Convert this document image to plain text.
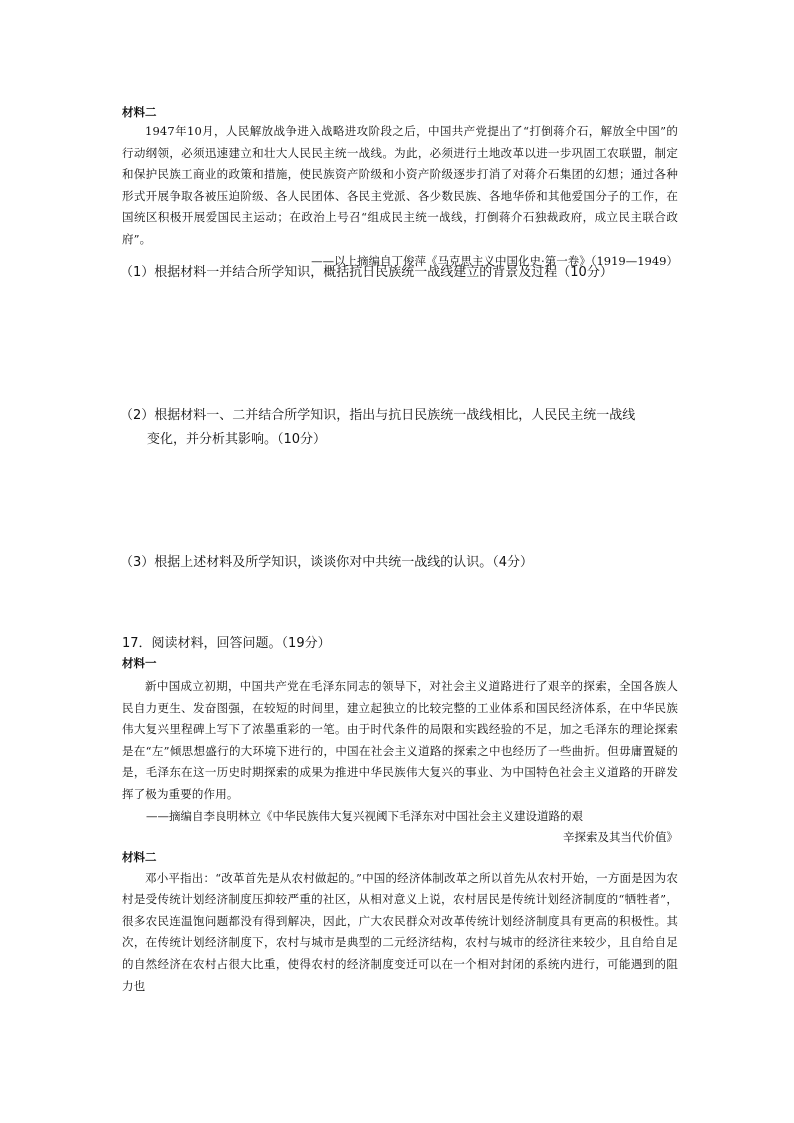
材料二

1947年10月，人民解放战争进入战略进攻阶段之后，中国共产党提出了“打倒蒋介石，解放全中国”的行动纲领，必须迅速建立和壮大人民民主统一战线。为此，必须进行土地改革以进一步巩固工农联盟，制定和保护民族工商业的政策和措施，使民族资产阶级和小资产阶级逐步打消了对蒋介石集团的幻想；通过各种形式开展争取各被压迫阶级、各人民团体、各民主党派、各少数民族、各地华侨和其他爱国分子的工作，在国统区积极开展爱国民主运动；在政治上号召“组成民主统一战线，打倒蒋介石独裁政府，成立民主联合政府”。

——以上摘编自丁俊萍《马克思主义中国化史·第一卷》（1919—1949）

（1）根据材料一并结合所学知识，概括抗日民族统一战线建立的背景及过程（10分）

（2）根据材料一、二并结合所学知识，指出与抗日民族统一战线相比，人民民主统一战线
变化，并分析其影响。（10分）

（3）根据上述材料及所学知识，谈谈你对中共统一战线的认识。（4分）

17．阅读材料，回答问题。（19分）

材料一

新中国成立初期，中国共产党在毛泽东同志的领导下，对社会主义道路进行了艰辛的探索，全国各族人民自力更生、发奋图强，在较短的时间里，建立起独立的比较完整的工业体系和国民经济体系，在中华民族伟大复兴里程碑上写下了浓墨重彩的一笔。由于时代条件的局限和实践经验的不足，加之毛泽东的理论探索是在“左”倾思想盛行的大环境下进行的，中国在社会主义道路的探索之中也经历了一些曲折。但毋庸置疑的是，毛泽东在这一历史时期探索的成果为推进中华民族伟大复兴的事业、为中国特色社会主义道路的开辟发挥了极为重要的作用。

——摘编自李良明林立《中华民族伟大复兴视阈下毛泽东对中国社会主义建设道路的艰

辛探索及其当代价值》

材料二

邓小平指出：“改革首先是从农村做起的。”中国的经济体制改革之所以首先从农村开始，一方面是因为农村是受传统计划经济制度压抑较严重的社区，从相对意义上说，农村居民是传统计划经济制度的“牺牲者”，很多农民连温饱问题都没有得到解决，因此，广大农民群众对改革传统计划经济制度具有更高的积极性。其次，在传统计划经济制度下，农村与城市是典型的二元经济结构，农村与城市的经济往来较少，且自给自足的自然经济在农村占很大比重，使得农村的经济制度变迁可以在一个相对封闭的系统内进行，可能遇到的阻力也
